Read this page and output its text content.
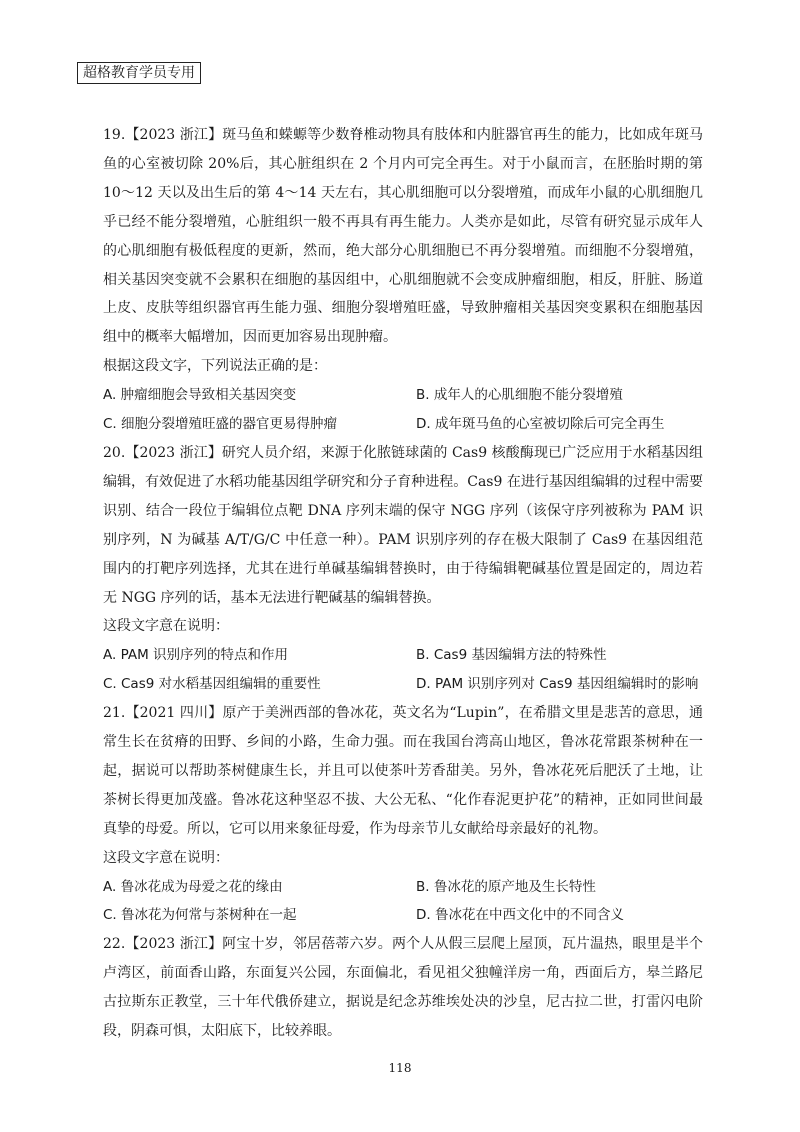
超格教育学员专用

19.【2023 浙江】斑马鱼和蝾螈等少数脊椎动物具有肢体和内脏器官再生的能力，比如成年斑马鱼的心室被切除 20%后，其心脏组织在 2 个月内可完全再生。对于小鼠而言，在胚胎时期的第 10～12 天以及出生后的第 4～14 天左右，其心肌细胞可以分裂增殖，而成年小鼠的心肌细胞几乎已经不能分裂增殖，心脏组织一般不再具有再生能力。人类亦是如此，尽管有研究显示成年人的心肌细胞有极低程度的更新，然而，绝大部分心肌细胞已不再分裂增殖。而细胞不分裂增殖，相关基因突变就不会累积在细胞的基因组中，心肌细胞就不会变成肿瘤细胞，相反，肝脏、肠道上皮、皮肤等组织器官再生能力强、细胞分裂增殖旺盛，导致肿瘤相关基因突变累积在细胞基因组中的概率大幅增加，因而更加容易出现肿瘤。

根据这段文字，下列说法正确的是：

A. 肿瘤细胞会导致相关基因突变	B. 成年人的心肌细胞不能分裂增殖
C. 细胞分裂增殖旺盛的器官更易得肿瘤	D. 成年斑马鱼的心室被切除后可完全再生

20.【2023 浙江】研究人员介绍，来源于化脓链球菌的 Cas9 核酸酶现已广泛应用于水稻基因组编辑，有效促进了水稻功能基因组学研究和分子育种进程。Cas9 在进行基因组编辑的过程中需要识别、结合一段位于编辑位点靶 DNA 序列末端的保守 NGG 序列（该保守序列被称为 PAM 识别序列，N 为碱基 A/T/G/C 中任意一种）。PAM 识别序列的存在极大限制了 Cas9 在基因组范围内的打靶序列选择，尤其在进行单碱基编辑替换时，由于待编辑靶碱基位置是固定的，周边若无 NGG 序列的话，基本无法进行靶碱基的编辑替换。

这段文字意在说明：

A. PAM 识别序列的特点和作用	B. Cas9 基因编辑方法的特殊性
C. Cas9 对水稻基因组编辑的重要性	D. PAM 识别序列对 Cas9 基因组编辑时的影响

21.【2021 四川】原产于美洲西部的鲁冰花，英文名为“Lupin”，在希腊文里是悲苦的意思，通常生长在贫瘠的田野、乡间的小路，生命力强。而在我国台湾高山地区，鲁冰花常跟茶树种在一起，据说可以帮助茶树健康生长，并且可以使茶叶芳香甜美。另外，鲁冰花死后肥沃了土地，让茶树长得更加茂盛。鲁冰花这种坚忍不拔、大公无私、“化作春泥更护花”的精神，正如同世间最真挚的母爱。所以，它可以用来象征母爱，作为母亲节儿女献给母亲最好的礼物。

这段文字意在说明：

A. 鲁冰花成为母爱之花的缘由	B. 鲁冰花的原产地及生长特性
C. 鲁冰花为何常与茶树种在一起	D. 鲁冰花在中西文化中的不同含义

22.【2023 浙江】阿宝十岁，邻居蓓蒂六岁。两个人从假三层爬上屋顶，瓦片温热，眼里是半个卢湾区，前面香山路，东面复兴公园，东面偏北，看见祖父独幢洋房一角，西面后方，皋兰路尼古拉斯东正教堂，三十年代俄侨建立，据说是纪念苏维埃处决的沙皇，尼古拉二世，打雷闪电阶段，阴森可惧，太阳底下，比较养眼。

118
